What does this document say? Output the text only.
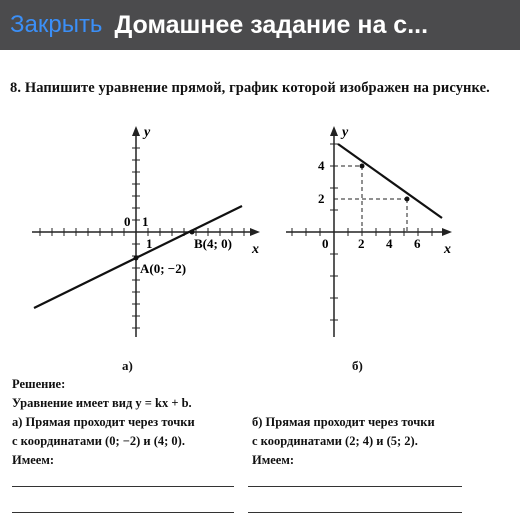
Закрыть Домашнее задание на с...
8. Напишите уравнение прямой, график которой изображен на рисунке.
x
y
0 1
1	B(4; 0)
A(0; −2)
x
y
0 2 4 6
2
4
а)	б)
Решение:
Уравнение имеет вид y = kx + b.
а) Прямая проходит через точки
с координатами (0; −2) и (4; 0).
Имеем:
б) Прямая проходит через точки
с координатами (2; 4) и (5; 2).
Имеем:
